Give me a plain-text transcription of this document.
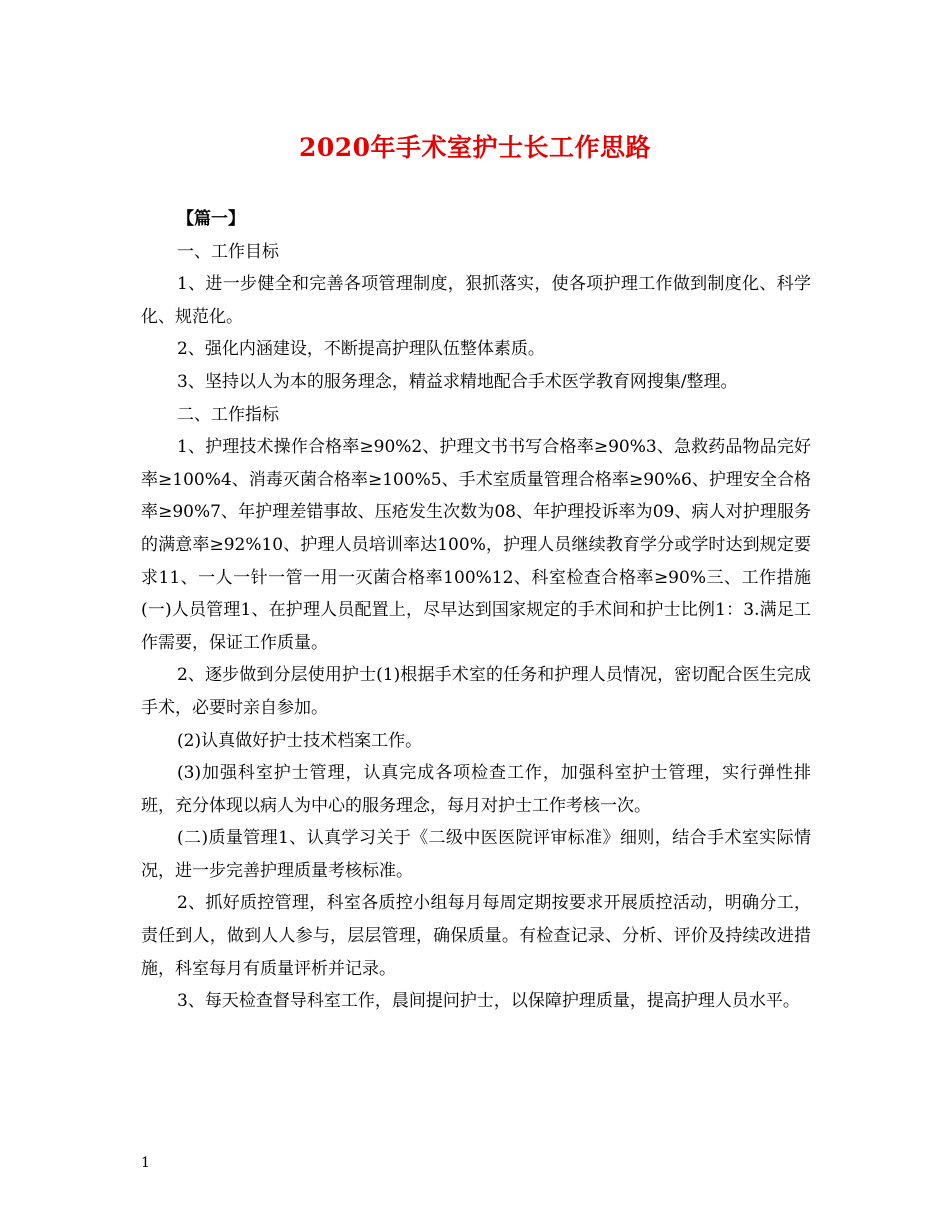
2020年手术室护士长工作思路

【篇一】

一、工作目标

1、进一步健全和完善各项管理制度，狠抓落实，使各项护理工作做到制度化、科学化、规范化。

2、强化内涵建设，不断提高护理队伍整体素质。

3、坚持以人为本的服务理念，精益求精地配合手术医学教育网搜集/整理。

二、工作指标

1、护理技术操作合格率≥90%2、护理文书书写合格率≥90%3、急救药品物品完好率≥100%4、消毒灭菌合格率≥100%5、手术室质量管理合格率≥90%6、护理安全合格率≥90%7、年护理差错事故、压疮发生次数为08、年护理投诉率为09、病人对护理服务的满意率≥92%10、护理人员培训率达100%，护理人员继续教育学分或学时达到规定要求11、一人一针一管一用一灭菌合格率100%12、科室检查合格率≥90%三、工作措施(一)人员管理1、在护理人员配置上，尽早达到国家规定的手术间和护士比例1：3.满足工作需要，保证工作质量。

2、逐步做到分层使用护士(1)根据手术室的任务和护理人员情况，密切配合医生完成手术，必要时亲自参加。

(2)认真做好护士技术档案工作。

(3)加强科室护士管理，认真完成各项检查工作，加强科室护士管理，实行弹性排班，充分体现以病人为中心的服务理念，每月对护士工作考核一次。

(二)质量管理1、认真学习关于《二级中医医院评审标准》细则，结合手术室实际情况，进一步完善护理质量考核标准。

2、抓好质控管理，科室各质控小组每月每周定期按要求开展质控活动，明确分工，责任到人，做到人人参与，层层管理，确保质量。有检查记录、分析、评价及持续改进措施，科室每月有质量评析并记录。

3、每天检查督导科室工作，晨间提问护士，以保障护理质量，提高护理人员水平。

1
